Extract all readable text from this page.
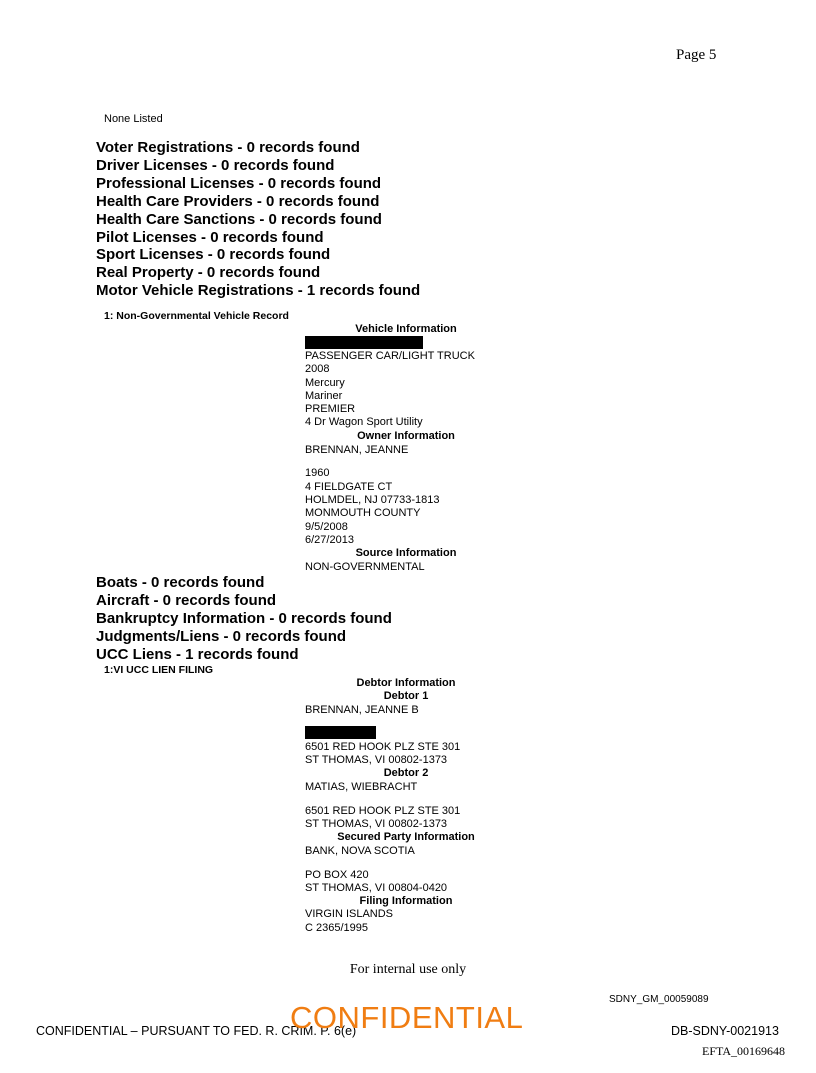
Page 5
None Listed
Voter Registrations - 0 records found
Driver Licenses - 0 records found
Professional Licenses - 0 records found
Health Care Providers - 0 records found
Health Care Sanctions - 0 records found
Pilot Licenses - 0 records found
Sport Licenses - 0 records found
Real Property - 0 records found
Motor Vehicle Registrations - 1 records found
1: Non-Governmental Vehicle Record
Vehicle Information
PASSENGER CAR/LIGHT TRUCK
2008
Mercury
Mariner
PREMIER
4 Dr Wagon Sport Utility
Owner Information
BRENNAN, JEANNE
1960
4 FIELDGATE CT
HOLMDEL, NJ 07733-1813
MONMOUTH COUNTY
9/5/2008
6/27/2013
Source Information
NON-GOVERNMENTAL
Boats - 0 records found
Aircraft - 0 records found
Bankruptcy Information - 0 records found
Judgments/Liens - 0 records found
UCC Liens - 1 records found
1:VI UCC LIEN FILING
Debtor Information
Debtor 1
BRENNAN, JEANNE B
6501 RED HOOK PLZ STE 301
ST THOMAS, VI 00802-1373
Debtor 2
MATIAS, WIEBRACHT
6501 RED HOOK PLZ STE 301
ST THOMAS, VI 00802-1373
Secured Party Information
BANK, NOVA SCOTIA
PO BOX 420
ST THOMAS, VI 00804-0420
Filing Information
VIRGIN ISLANDS
C 2365/1995
For internal use only
SDNY_GM_00059089
CONFIDENTIAL – PURSUANT TO FED. R. CRIM. P. 6(e)
CONFIDENTIAL	DB-SDNY-0021913
EFTA_00169648
